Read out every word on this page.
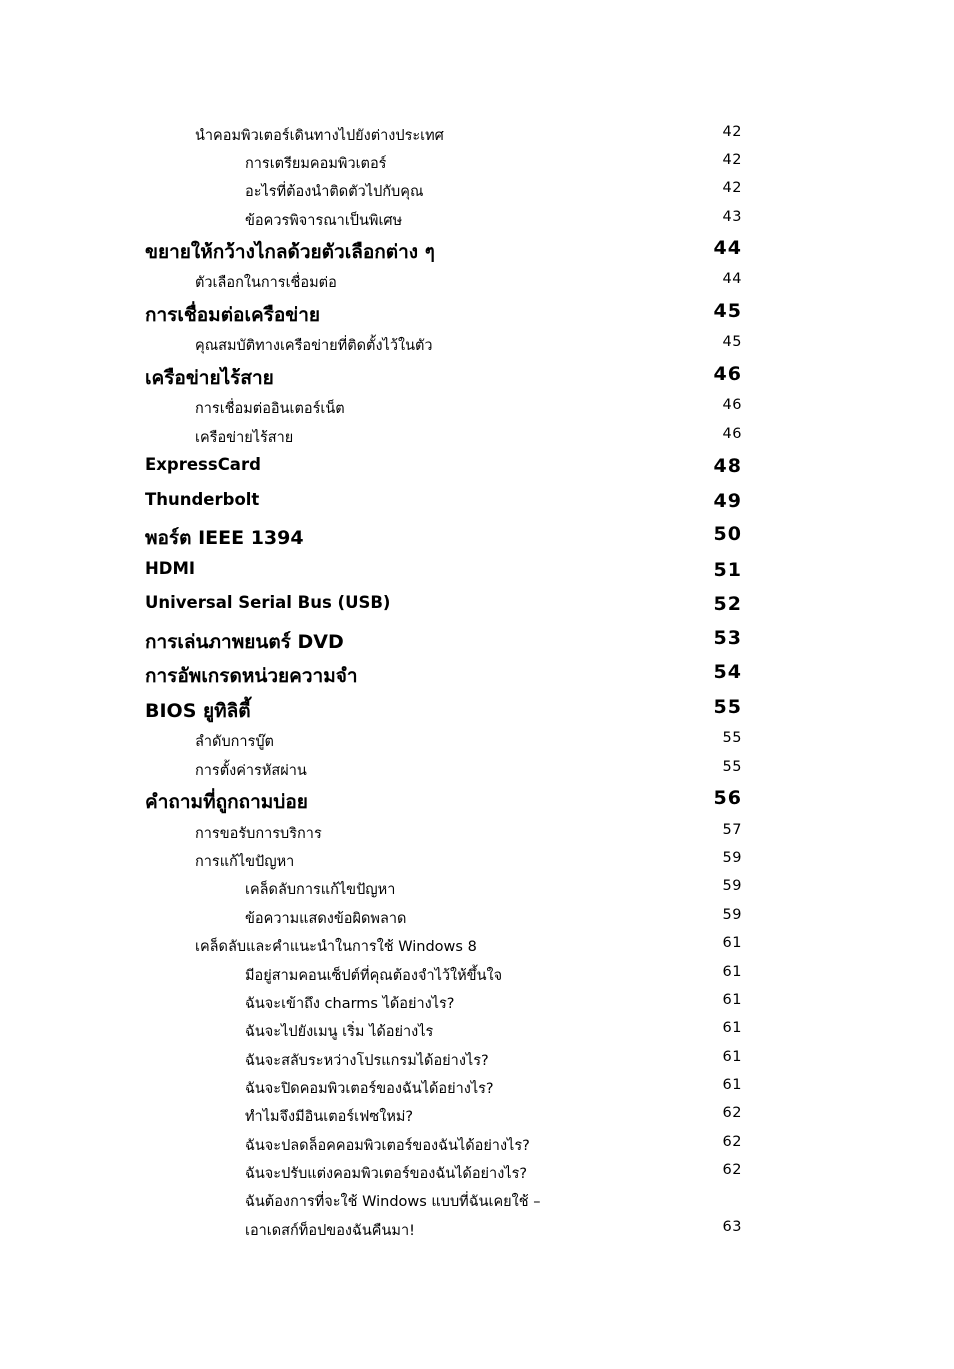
นำคอมพิวเตอร์เดินทางไปยังต่างประเทศ	42
การเตรียมคอมพิวเตอร์	42
อะไรที่ต้องนำติดตัวไปกับคุณ	42
ข้อควรพิจารณาเป็นพิเศษ	43
ขยายให้กว้างไกลด้วยตัวเลือกต่าง ๆ	44
ตัวเลือกในการเชื่อมต่อ	44
การเชื่อมต่อเครือข่าย	45
คุณสมบัติทางเครือข่ายที่ติดตั้งไว้ในตัว	45
เครือข่ายไร้สาย	46
การเชื่อมต่ออินเตอร์เน็ต	46
เครือข่ายไร้สาย	46
ExpressCard	48
Thunderbolt	49
พอร์ต IEEE 1394	50
HDMI	51
Universal Serial Bus (USB)	52
การเล่นภาพยนตร์ DVD	53
การอัพเกรดหน่วยความจำ	54
BIOS ยูทิลิตี้	55
ลำดับการบู๊ต	55
การตั้งค่ารหัสผ่าน	55
คำถามที่ถูกถามบ่อย	56
การขอรับการบริการ	57
การแก้ไขปัญหา	59
เคล็ดลับการแก้ไขปัญหา	59
ข้อความแสดงข้อผิดพลาด	59
เคล็ดลับและคำแนะนำในการใช้ Windows 8	61
มีอยู่สามคอนเซ็ปต์ที่คุณต้องจำไว้ให้ขึ้นใจ	61
ฉันจะเข้าถึง charms ได้อย่างไร?	61
ฉันจะไปยังเมนู เริ่ม ได้อย่างไร	61
ฉันจะสลับระหว่างโปรแกรมได้อย่างไร?	61
ฉันจะปิดคอมพิวเตอร์ของฉันได้อย่างไร?	61
ทำไมจึงมีอินเตอร์เฟซใหม่?	62
ฉันจะปลดล็อคคอมพิวเตอร์ของฉันได้อย่างไร?	62
ฉันจะปรับแต่งคอมพิวเตอร์ของฉันได้อย่างไร?	62
ฉันต้องการที่จะใช้ Windows แบบที่ฉันเคยใช้ –
เอาเดสก์ท็อปของฉันคืนมา!	63
